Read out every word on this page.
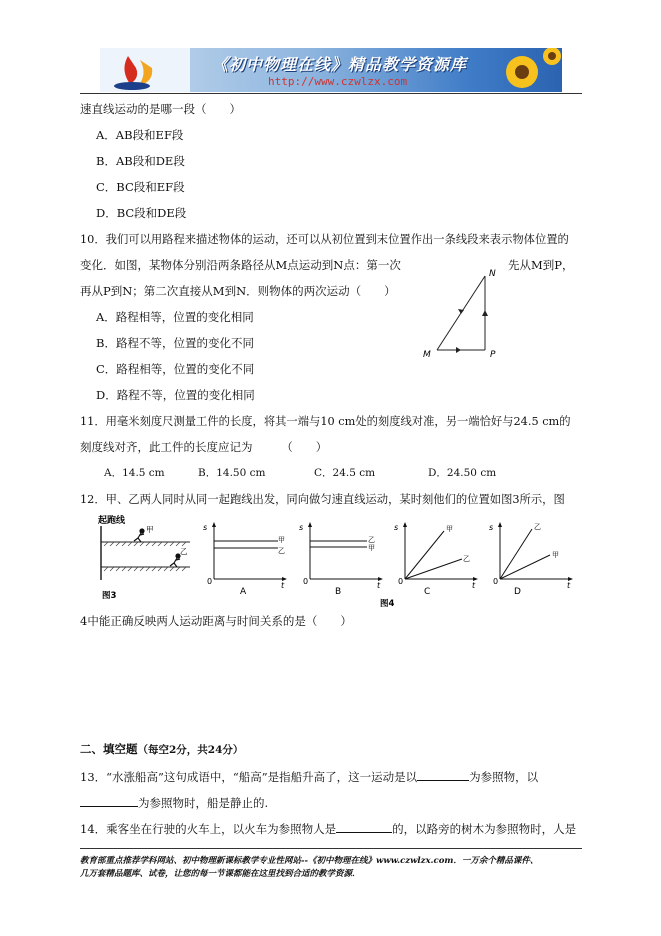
《初中物理在线》精品教学资源库
http://www.czwlzx.com
速直线运动的是哪一段（　　）
A．AB段和EF段
B．AB段和DE段
C．BC段和EF段
D．BC段和DE段
10．我们可以用路程来描述物体的运动，还可以从初位置到末位置作出一条线段来表示物体位置的
变化．如图，某物体分别沿两条路径从M点运动到N点：第一次	先从M到P，
再从P到N；第二次直接从M到N．则物体的两次运动（　　）
A．路程相等，位置的变化相同
B．路程不等，位置的变化不同
C．路程相等，位置的变化不同
D．路程不等，位置的变化相同
N
M	P
11．用毫米刻度尺测量工件的长度，将其一端与10 cm处的刻度线对准，另一端恰好与24.5 cm的
刻度线对齐，此工件的长度应记为　　　（　　）
A．14.5 cm	B．14.50 cm	C．24.5 cm	D．24.50 cm
12．甲、乙两人同时从同一起跑线出发，同向做匀速直线运动，某时刻他们的位置如图3所示，图
起跑线
甲
乙
图3
s
0	t
甲
乙
A
s
0	t
乙
甲
B
s
0	t
甲
乙
C
s
0	t
乙
甲
D
图4
4中能正确反映两人运动距离与时间关系的是（　　）
二、填空题（每空2分，共24分）
13．“水涨船高”这句成语中，“船高”是指船升高了，这一运动是以	为参照物，以
为参照物时，船是静止的.
14．乘客坐在行驶的火车上，以火车为参照物人是	的，以路旁的树木为参照物时，人是
教育部重点推荐学科网站、初中物理新课标教学专业性网站--《初中物理在线》www.czwlzx.com．一万余个精品课件、
几万套精品题库、试卷，让您的每一节课都能在这里找到合适的教学资源．
